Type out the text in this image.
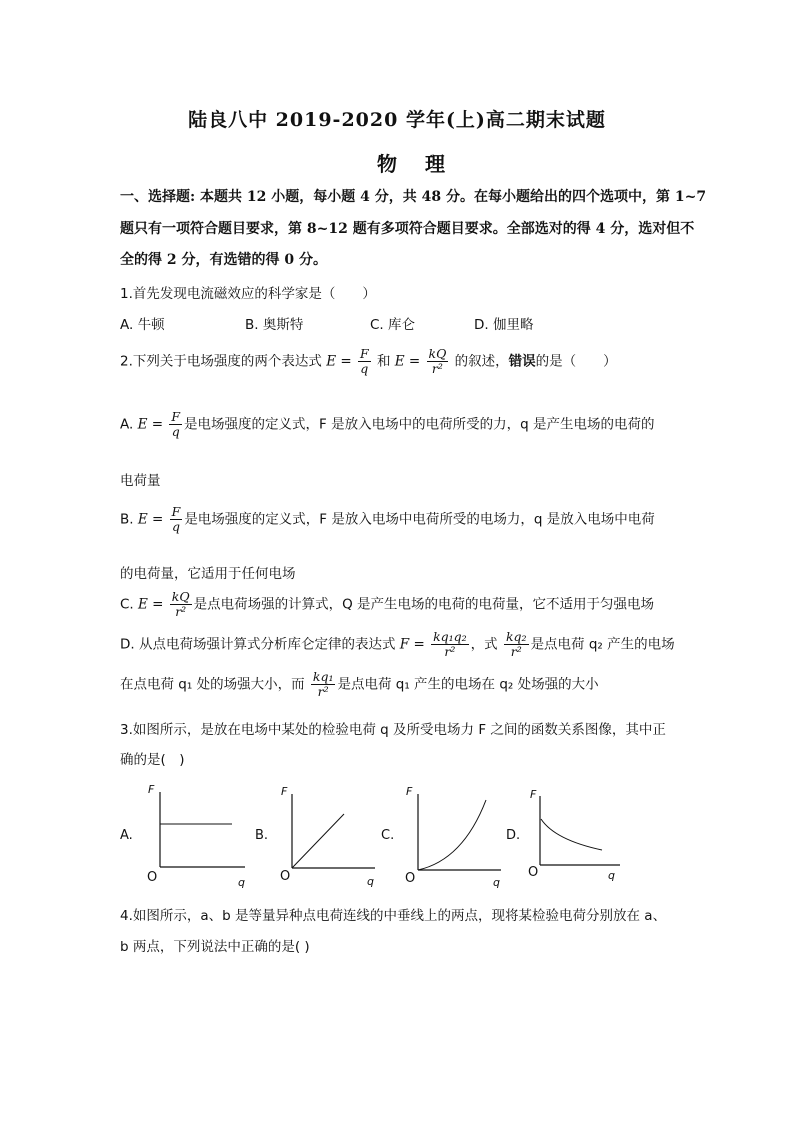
陆良八中 2019-2020 学年(上)高二期末试题
物理
一、选择题: 本题共 12 小题，每小题 4 分，共 48 分。在每小题给出的四个选项中，第 1~7
题只有一项符合题目要求，第 8~12 题有多项符合题目要求。全部选对的得 4 分，选对但不
全的得 2 分，有选错的得 0 分。
1.首先发现电流磁效应的科学家是（　　）
A. 牛顿	B. 奥斯特	C. 库仑	D. 伽里略
2.下列关于电场强度的两个表达式 $E = \frac{F}{q}$ 和 $E = \frac{kQ}{\text{r²}}$ 的叙述，错误的是（　　）
A. $E = \frac{F}{q}$ 是电场强度的定义式，F 是放入电场中的电荷所受的力，q 是产生电场的电荷的
电荷量
B. $E = \frac{F}{q}$ 是电场强度的定义式，F 是放入电场中电荷所受的电场力，q 是放入电场中电荷
的电荷量，它适用于任何电场
C. $E = \frac{kQ}{\text{r²}}$ 是点电荷场强的计算式，Q 是产生电场的电荷的电荷量，它不适用于匀强电场
D. 从点电荷场强计算式分析库仑定律的表达式 $F = \frac{\text{kq₁q₂}}{\text{r²}}$ ，式 $\frac{\text{kq₂}}{\text{r²}}$ 是点电荷 q₂ 产生的电场
在点电荷 q₁ 处的场强大小，而 $\frac{\text{kq₁}}{\text{r²}}$ 是点电荷 q₁ 产生的电场在 q₂ 处场强的大小
3.如图所示，是放在电场中某处的检验电荷 q 及所受电场力 F 之间的函数关系图像，其中正
确的是(　)
A.
F
O	q
B.
F
O	q
C.
F
O	q
D.
F
O	q
4.如图所示，a、b 是等量异种点电荷连线的中垂线上的两点，现将某检验电荷分别放在 a、
b 两点，下列说法中正确的是( )
